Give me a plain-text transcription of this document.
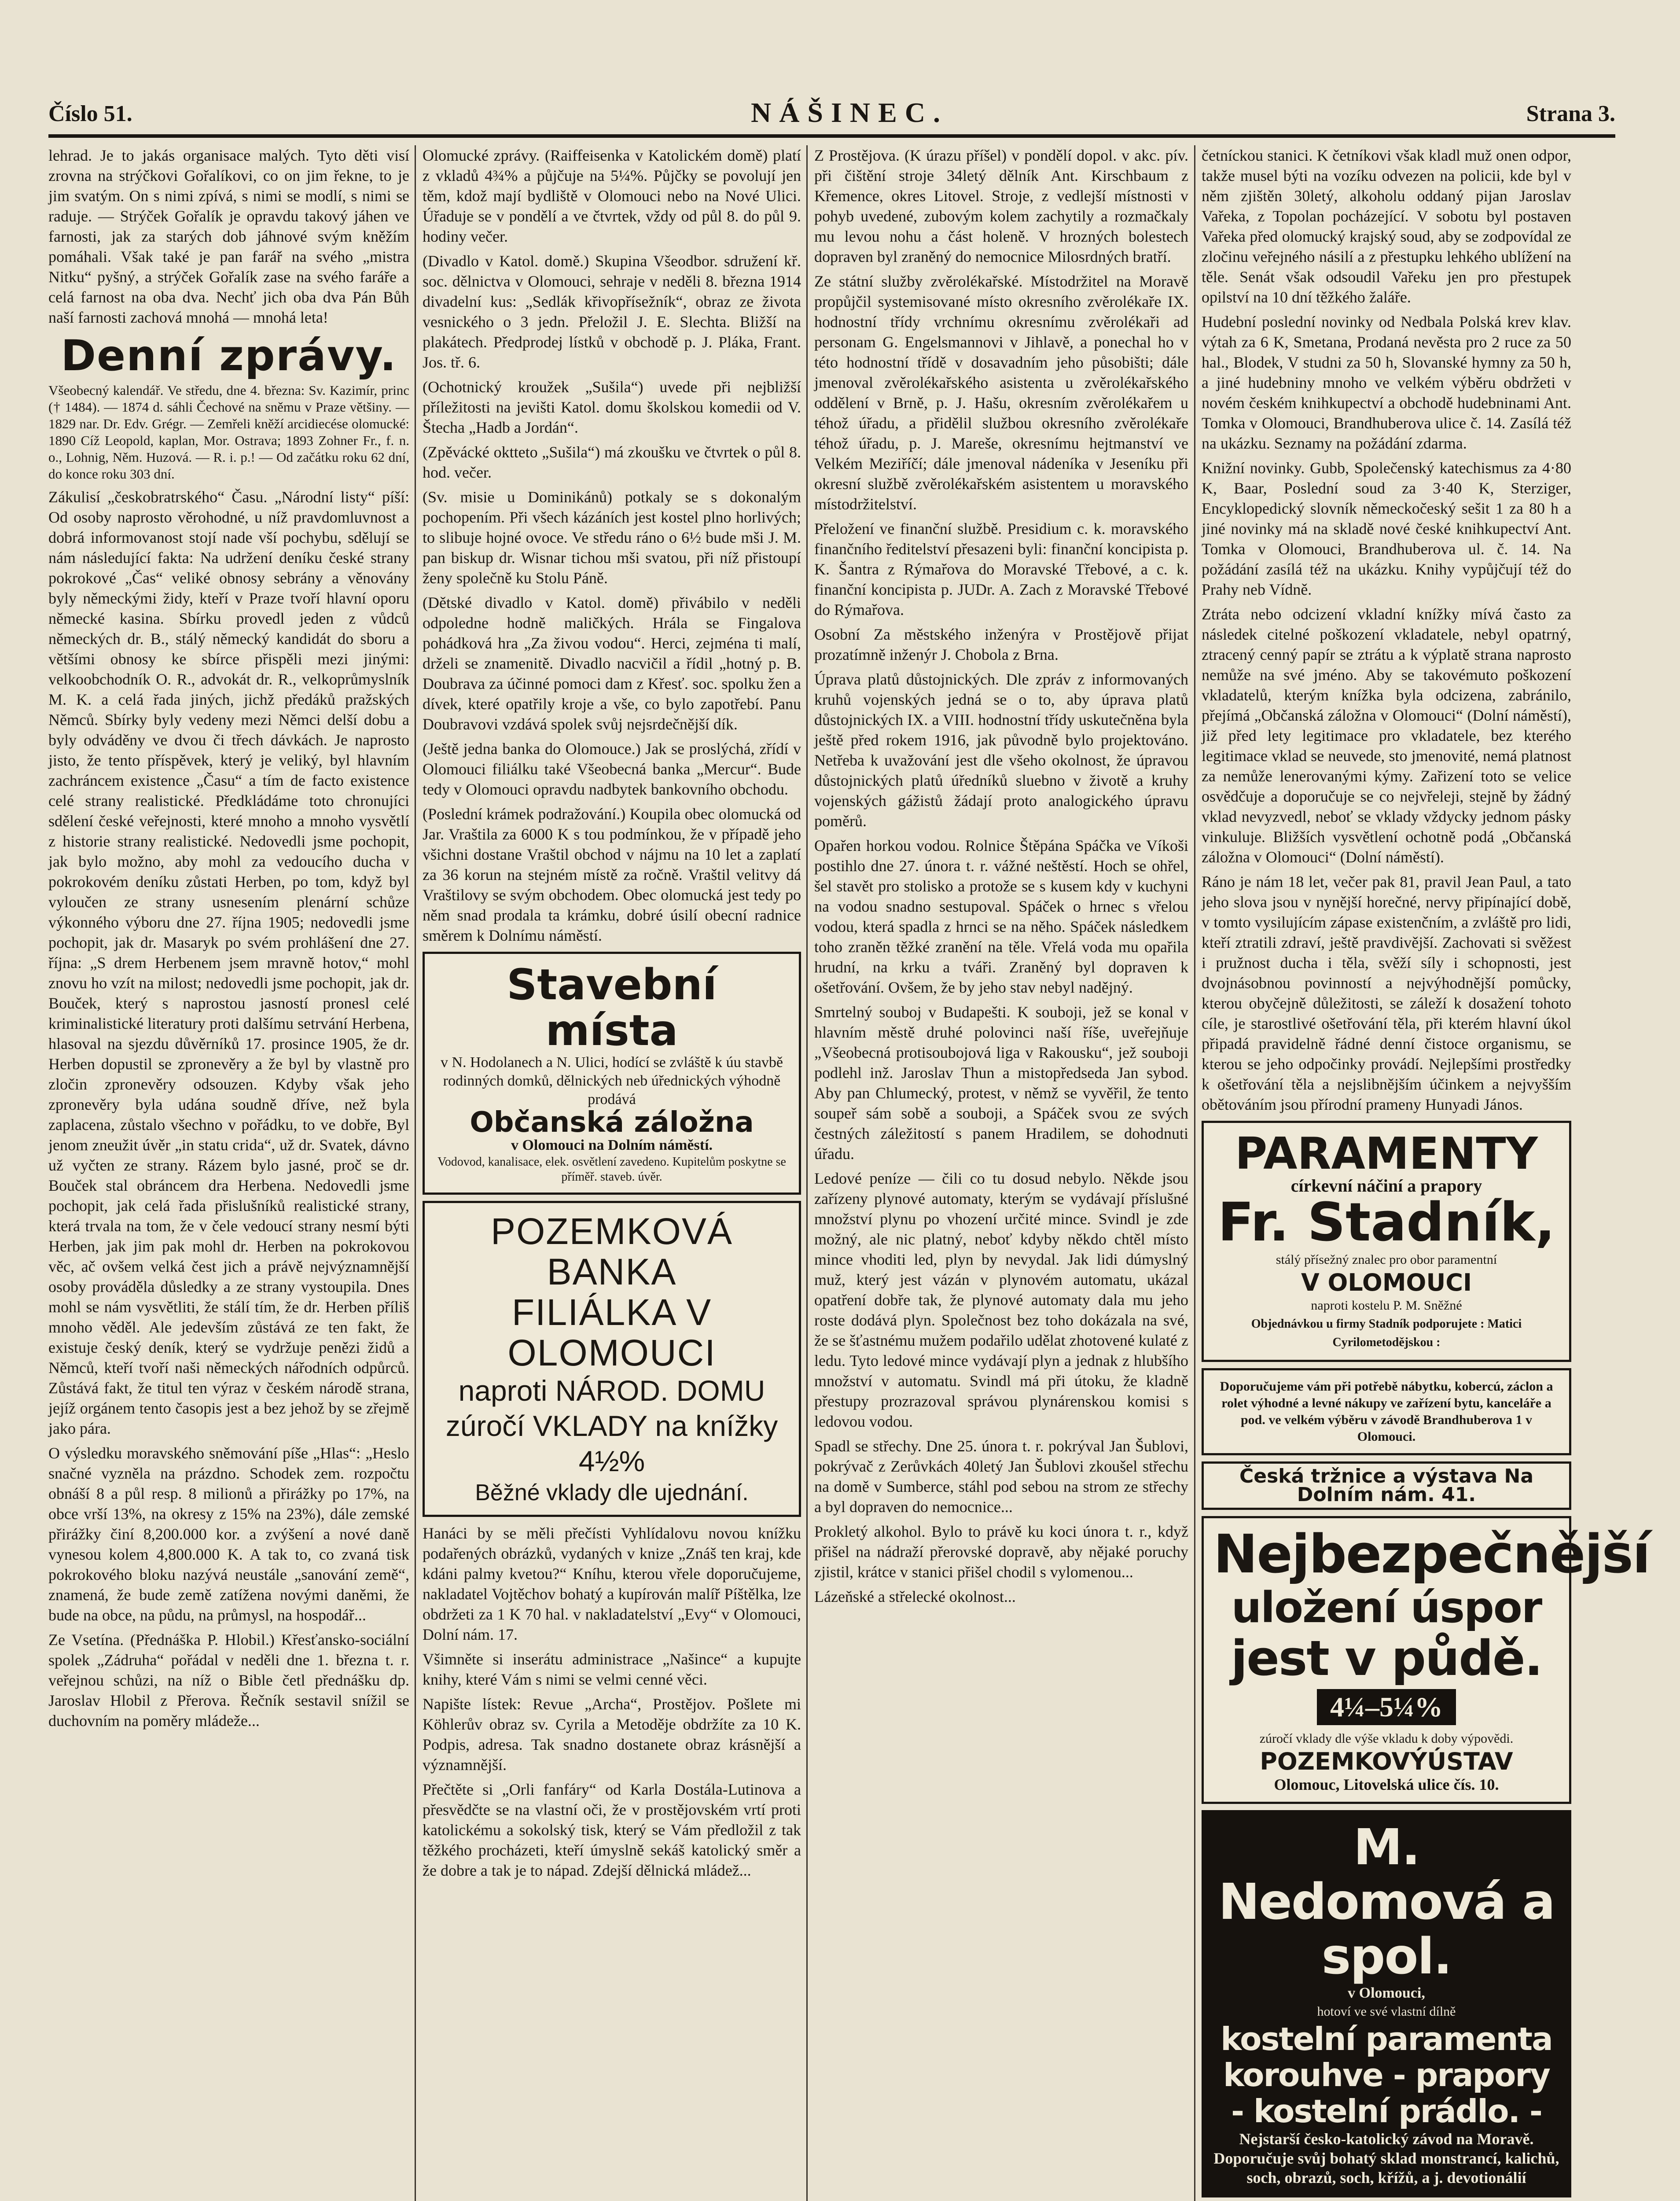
Číslo 51.	NÁŠINEC.	Strana 3.

lehrad. Je to jakás organisace malých. Tyto děti visí zrovna na strýčkovi Gořalíkovi, co on jim řekne, to je jim svatým. On s nimi zpívá, s nimi se modlí, s nimi se raduje. — Strýček Gořalík je opravdu takový jáhen ve farnosti, jak za starých dob jáhnové svým kněžím pomáhali. Však také je pan farář na svého „mistra Nitku“ pyšný, a strýček Gořalík zase na svého faráře a celá farnost na oba dva. Nechť jich oba dva Pán Bůh naší farnosti zachová mnohá — mnohá leta!

Denní zprávy.

Všeobecný kalendář. Ve středu, dne 4. března: Sv. Kazimír, princ († 1484). — 1874 d. sáhli Čechové na sněmu v Praze většiny. — 1829 nar. Dr. Edv. Grégr. — Zemřeli kněží arcidiecése olomucké: 1890 Cíž Leopold, kaplan, Mor. Ostrava; 1893 Zohner Fr., f. n. o., Lohnig, Něm. Huzová. — R. i. p.! — Od začátku roku 62 dní, do konce roku 303 dní.

Zákulisí „českobratrského“ Času. „Národní listy“ píší: Od osoby naprosto věrohodné, u níž pravdomluvnost a dobrá informovanost stojí nade vší pochybu, sdělují se nám následující fakta: Na udržení deníku české strany pokrokové „Čas“ veliké obnosy sebrány a věnovány byly německými židy, kteří v Praze tvoří hlavní oporu německé kasina. Sbírku provedl jeden z vůdců německých dr. B., stálý německý kandidát do sboru a většími obnosy ke sbírce přispěli mezi jinými: velkoobchodník O. R., advokát dr. R., velkoprůmyslník M. K. a celá řada jiných, jichž předáků pražských Němců. Sbírky byly vedeny mezi Němci delší dobu a byly odváděny ve dvou či třech dávkách. Je naprosto jisto, že tento příspěvek, který je veliký, byl hlavním zachráncem existence „Času“ a tím de facto existence celé strany realistické. Předkládáme toto chronujíci sdělení české veřejnosti, které mnoho a mnoho vysvětlí z historie strany realistické. Nedovedli jsme pochopit, jak bylo možno, aby mohl za vedoucího ducha v pokrokovém deníku zůstati Herben, po tom, když byl vyloučen ze strany usnesením plenární schůze výkonného výboru dne 27. října 1905; nedovedli jsme pochopit, jak dr. Masaryk po svém prohlášení dne 27. října: „S drem Herbenem jsem mravně hotov,“ mohl znovu ho vzít na milost; nedovedli jsme pochopit, jak dr. Bouček, který s naprostou jasností pronesl celé kriminalistické literatury proti dalšímu setrvání Herbena, hlasoval na sjezdu důvěrníků 17. prosince 1905, že dr. Herben dopustil se zpronevěry a že byl by vlastně pro zločin zpronevěry odsouzen. Kdyby však jeho zpronevěry byla udána soudně dříve, než byla zaplacena, zůstalo všechno v pořádku, to ve dobře, Byl jenom zneužit úvěr „in statu crida“, už dr. Svatek, dávno už vyčten ze strany. Rázem bylo jasné, proč se dr. Bouček stal obráncem dra Herbena. Nedovedli jsme pochopit, jak celá řada přislušníků realistické strany, která trvala na tom, že v čele vedoucí strany nesmí býti Herben, jak jim pak mohl dr. Herben na pokrokovou věc, ač ovšem velká čest jich a právě nejvýznamnější osoby prováděla důsledky a ze strany vystoupila. Dnes mohl se nám vysvětliti, že stálí tím, že dr. Herben příliš mnoho věděl. Ale jedevším zůstává ze ten fakt, že existuje český deník, který se vydržuje penězi židů a Němců, kteří tvoří naši německých nářodních odpůrců. Zůstává fakt, že titul ten výraz v českém národě strana, jejíž orgánem tento časopis jest a bez jehož by se zřejmě jako pára.

O výsledku moravského sněmování píše „Hlas“: „Heslo snačné vyzněla na prázdno. Schodek zem. rozpočtu obnáší 8 a půl resp. 8 milionů a přirážky po 17%, na obce vrší 13%, na okresy z 15% na 23%), dále zemské přirážky činí 8,200.000 kor. a zvýšení a nové daně vynesou kolem 4,800.000 K. A tak to, co zvaná tisk pokrokového bloku nazývá neustále „sanování země“, znamená, že bude země zatížena novými daněmi, že bude na obce, na půdu, na průmysl, na hospodář...

Ze Vsetína. (Přednáška P. Hlobil.) Křesťansko-sociální spolek „Zádruha“ pořádal v neděli dne 1. března t. r. veřejnou schůzi, na níž o Bible četl přednášku dp. Jaroslav Hlobil z Přerova. Řečník sestavil snížil se duchovním na poměry mládeže...

Olomucké zprávy. (Raiffeisenka v Katolickém domě) platí z vkladů 4¾% a půjčuje na 5¼%. Půjčky se povolují jen těm, kdož mají bydliště v Olomouci nebo na Nové Ulici. Úřaduje se v pondělí a ve čtvrtek, vždy od půl 8. do půl 9. hodiny večer.

(Divadlo v Katol. domě.) Skupina Všeodbor. sdružení kř. soc. dělnictva v Olomouci, sehraje v neděli 8. března 1914 divadelní kus: „Sedlák křivopřísežník“, obraz ze života vesnického o 3 jedn. Přeložil J. E. Slechta. Bližší na plakátech. Předprodej lístků v obchodě p. J. Pláka, Frant. Jos. tř. 6.

(Ochotnický kroužek „Sušila“) uvede při nejbližší příležitosti na jevišti Katol. domu školskou komedii od V. Štecha „Hadb a Jordán“.

(Zpěvácké oktteto „Sušila“) má zkoušku ve čtvrtek o půl 8. hod. večer.

(Sv. misie u Dominikánů) potkaly se s dokonalým pochopením. Při všech kázáních jest kostel plno horlivých; to slibuje hojné ovoce. Ve středu ráno o 6½ bude mši J. M. pan biskup dr. Wisnar tichou mši svatou, při níž přistoupí ženy společně ku Stolu Páně.

(Dětské divadlo v Katol. domě) přivábilo v neděli odpoledne hodně maličkých. Hrála se Fingalova pohádková hra „Za živou vodou“. Herci, zejména ti malí, drželi se znamenitě. Divadlo nacvičil a řídil „hotný p. B. Doubrava za účinné pomoci dam z Křesť. soc. spolku žen a dívek, které opatřily kroje a vše, co bylo zapotřebí. Panu Doubravovi vzdává spolek svůj nejsrdečnější dík.

(Ještě jedna banka do Olomouce.) Jak se proslýchá, zřídí v Olomouci filiálku také Všeobecná banka „Mercur“. Bude tedy v Olomouci opravdu nadbytek bankovního obchodu.

(Poslední krámek podražování.) Koupila obec olomucká od Jar. Vraštila za 6000 K s tou podmínkou, že v případě jeho všichni dostane Vraštil obchod v nájmu na 10 let a zaplatí za 36 korun na stejném místě za ročně. Vraštil velitvy dá Vraštilovy se svým obchodem. Obec olomucká jest tedy po něm snad prodala ta krámku, dobré úsilí obecní radnice směrem k Dolnímu náměstí.

Stavební místa
v N. Hodolanech a N. Ulici, hodící se zvláště k úu stavbě rodinných domků, dělnických neb úřednických výhodně prodává
Občanská záložna
v Olomouci na Dolním náměstí.
Vodovod, kanalisace, elek. osvětlení zavedeno. Kupitelům poskytne se příměř. staveb. úvěr.
POZEMKOVÁ BANKA
FILIÁLKA V OLOMOUCI
naproti NÁROD. DOMU
zúročí VKLADY na knížky 4½%
Běžné vklady dle ujednání.

Hanáci by se měli přečísti Vyhlídalovu novou knížku podařených obrázků, vydaných v knize „Znáš ten kraj, kde kdáni palmy kvetou?“ Kníhu, kterou vřele doporučujeme, nakladatel Vojtěchov bohatý a kupírován malíř Píštělka, lze obdržeti za 1 K 70 hal. v nakladatelství „Evy“ v Olomouci, Dolní nám. 17.

Všimněte si inserátu administrace „Našince“ a kupujte knihy, které Vám s nimi se velmi cenné věci.

Napište lístek: Revue „Archa“, Prostějov. Pošlete mi Köhlerův obraz sv. Cyrila a Metoděje obdržíte za 10 K. Podpis, adresa. Tak snadno dostanete obraz krásnější a významnější.

Přečtěte si „Orli fanfáry“ od Karla Dostála-Lutinova a přesvědčte se na vlastní oči, že v prostějovském vrtí proti katolickému a sokolský tisk, který se Vám předložil z tak těžkého procházeti, kteří úmyslně sekáš katolický směr a že dobre a tak je to nápad. Zdejší dělnická mládež...

Z Prostějova. (K úrazu příšel) v pondělí dopol. v akc. pív. při čištění stroje 34letý dělník Ant. Kirschbaum z Křemence, okres Litovel. Stroje, z vedlejší místnosti v pohyb uvedené, zubovým kolem zachytily a rozmačkaly mu levou nohu a část holeně. V hrozných bolestech dopraven byl zraněný do nemocnice Milosrdných bratří.

Ze státní služby zvěrolékařské. Místodržitel na Moravě propůjčil systemisované místo okresního zvěrolékaře IX. hodnostní třídy vrchnímu okresnímu zvěrolékaři ad personam G. Engelsmannovi v Jihlavě, a ponechal ho v této hodnostní třídě v dosavadním jeho působišti; dále jmenoval zvěrolékařského asistenta u zvěrolékařského oddělení v Brně, p. J. Hašu, okresním zvěrolékařem u téhož úřadu, a přidělil službou okresního zvěrolékaře téhož úřadu, p. J. Mareše, okresnímu hejtmanství ve Velkém Meziříčí; dále jmenoval nádeníka v Jeseníku při okresní službě zvěrolékařském asistentem u moravského místodržitelství.

Přeložení ve finanční službě. Presidium c. k. moravského finančního ředitelství přesazeni byli: finanční koncipista p. K. Šantra z Rýmařova do Moravské Třebové, a c. k. finanční koncipista p. JUDr. A. Zach z Moravské Třebové do Rýmařova.

Osobní Za městského inženýra v Prostějově přijat prozatímně inženýr J. Chobola z Brna.

Úprava platů důstojnických. Dle zpráv z informovaných kruhů vojenských jedná se o to, aby úprava platů důstojnických IX. a VIII. hodnostní třídy uskutečněna byla ještě před rokem 1916, jak původně bylo projektováno. Netřeba k uvažování jest dle všeho okolnost, že úpravou důstojnických platů úředníků sluebno v životě a kruhy vojenských gážistů žádají proto analogického úpravu poměrů.

Opařen horkou vodou. Rolnice Štěpána Spáčka ve Víkoši postihlo dne 27. února t. r. vážné neštěstí. Hoch se ohřel, šel stavět pro stolisko a protože se s kusem kdy v kuchyni na vodou snadno sestupoval. Spáček o hrnec s vřelou vodou, která spadla z hrnci se na něho. Spáček následkem toho zraněn těžké zranění na těle. Vřelá voda mu opařila hrudní, na krku a tváři. Zraněný byl dopraven k ošetřování. Ovšem, že by jeho stav nebyl nadějný.

Smrtelný souboj v Budapešti. K souboji, jež se konal v hlavním městě druhé polovinci naší říše, uveřejňuje „Všeobecná protisoubojová liga v Rakousku“, jež souboji podlehl inž. Jaroslav Thun a mistopředseda Jan sybod. Aby pan Chlumecký, protest, v němž se vyvěřil, že tento soupeř sám sobě a souboji, a Spáček svou ze svých čestných záležitostí s panem Hradilem, se dohodnuti úřadu.

Ledové peníze — čili co tu dosud nebylo. Někde jsou zařízeny plynové automaty, kterým se vydávají příslušné množství plynu po vhození určité mince. Svindl je zde možný, ale nic platný, neboť kdyby někdo chtěl místo mince vhoditi led, plyn by nevydal. Jak lidi dúmyslný muž, který jest vázán v plynovém automatu, ukázal opatření dobře tak, že plynové automaty dala mu jeho roste dodává plyn. Společnost bez toho dokázala na své, že se šťastnému mužem podařilo udělat zhotovené kulaté z ledu. Tyto ledové mince vydávají plyn a jednak z hlubšího množství v automatu. Svindl má při útoku, že kladně přestupy prozrazoval správou plynárenskou komisi s ledovou vodou.

Spadl se střechy. Dne 25. února t. r. pokrýval Jan Šublovi, pokrývač z Zerůvkách 40letý Jan Šublovi zkoušel střechu na domě v Sumberce, stáhl pod sebou na strom ze střechy a byl dopraven do nemocnice...

Prokletý alkohol. Bylo to právě ku koci února t. r., když přišel na nádraží přerovské dopravě, aby nějaké poruchy zjistil, krátce v stanici přišel chodil s vylomenou...

Lázeňské a střelecké okolnost...

četníckou stanici. K četníkovi však kladl muž onen odpor, takže musel býti na vozíku odvezen na policii, kde byl v něm zjištěn 30letý, alkoholu oddaný pijan Jaroslav Vařeka, z Topolan pocházející. V sobotu byl postaven Vařeka před olomucký krajský soud, aby se zodpovídal ze zločinu veřejného násilí a z přestupku lehkého ublížení na těle. Senát však odsoudil Vařeku jen pro přestupek opilství na 10 dní těžkého žaláře.

Hudební poslední novinky od Nedbala Polská krev klav. výtah za 6 K, Smetana, Prodaná nevěsta pro 2 ruce za 50 hal., Blodek, V studni za 50 h, Slovanské hymny za 50 h, a jiné hudebniny mnoho ve velkém výběru obdržeti v novém českém knihkupectví a obchodě hudebninami Ant. Tomka v Olomouci, Brandhuberova ulice č. 14. Zasílá též na ukázku. Seznamy na požádání zdarma.

Knižní novinky. Gubb, Společenský katechismus za 4·80 K, Baar, Poslední soud za 3·40 K, Sterziger, Encyklopedický slovník německočeský sešit 1 za 80 h a jiné novinky má na skladě nové české knihkupectví Ant. Tomka v Olomouci, Brandhuberova ul. č. 14. Na požádání zasílá též na ukázku. Knihy vypůjčují též do Prahy neb Vídně.

Ztráta nebo odcizení vkladní knížky mívá často za následek citelné poškození vkladatele, nebyl opatrný, ztracený cenný papír se ztrátu a k výplatě strana naprosto nemůže na své jméno. Aby se takovémuto poškození vkladatelů, kterým knížka byla odcizena, zabránilo, přejímá „Občanská záložna v Olomouci“ (Dolní náměstí), již před lety legitimace pro vkladatele, bez kterého legitimace vklad se neuvede, sto jmenovité, nemá platnost za nemůže lenerovanými kýmy. Zařizení toto se velice osvědčuje a doporučuje se co nejvřeleji, stejně by žádný vklad nevyzvedl, neboť se vklady vždycky jednom pásky vinkuluje. Bližších vysvětlení ochotně podá „Občanská záložna v Olomouci“ (Dolní náměstí).

Ráno je nám 18 let, večer pak 81, pravil Jean Paul, a tato jeho slova jsou v nynější horečné, nervy připínající době, v tomto vysilujícím zápase existenčním, a zvláště pro lidi, kteří ztratili zdraví, ještě pravdivější. Zachovati si svěžest i pružnost ducha i těla, svěží síly i schopnosti, jest dvojnásobnou povinností a nejvýhodnější pomůcky, kterou obyčejně důležitosti, se záleží k dosažení tohoto cíle, je starostlivé ošetřování těla, při kterém hlavní úkol připadá pravidelně řádné denní čistoce organismu, se kterou se jeho odpočinky provádí. Nejlepšími prostředky k ošetřování těla a nejslibnějším účinkem a nejvyšším obětováním jsou přírodní prameny Hunyadi János.

PARAMENTY
církevní náčiní a prapory
Fr. Stadník,
stálý přísežný znalec pro obor paramentní
V OLOMOUCI
naproti kostelu P. M. Sněžné
Objednávkou u firmy Stadník podporujete : Matici Cyrilometodějskou :
Doporučujeme vám při potřebě nábytku, kobercú, záclon a rolet výhodné a levné nákupy ve zařízení bytu, kanceláře a pod. ve velkém výběru v závodě Brandhuberova 1 v Olomouci.
Česká tržnice a výstava Na Dolním nám. 41.
Nejbezpečnější
uložení úspor
jest v půdě.
4¼–5¼%
zúročí vklady dle výše vkladu k doby výpovědi.
POZEMKOVÝÚSTAV
Olomouc, Litovelská ulice čís. 10.
M. Nedomová a spol.
v Olomouci,
hotoví ve své vlastní dílně
kostelní paramenta
korouhve - prapory
- kostelní prádlo. -
Nejstarší česko-katolický závod na Moravě. Doporučuje svůj bohatý sklad monstrancí, kalichů, soch, obrazů, soch, křížů, a j. devotionálií
